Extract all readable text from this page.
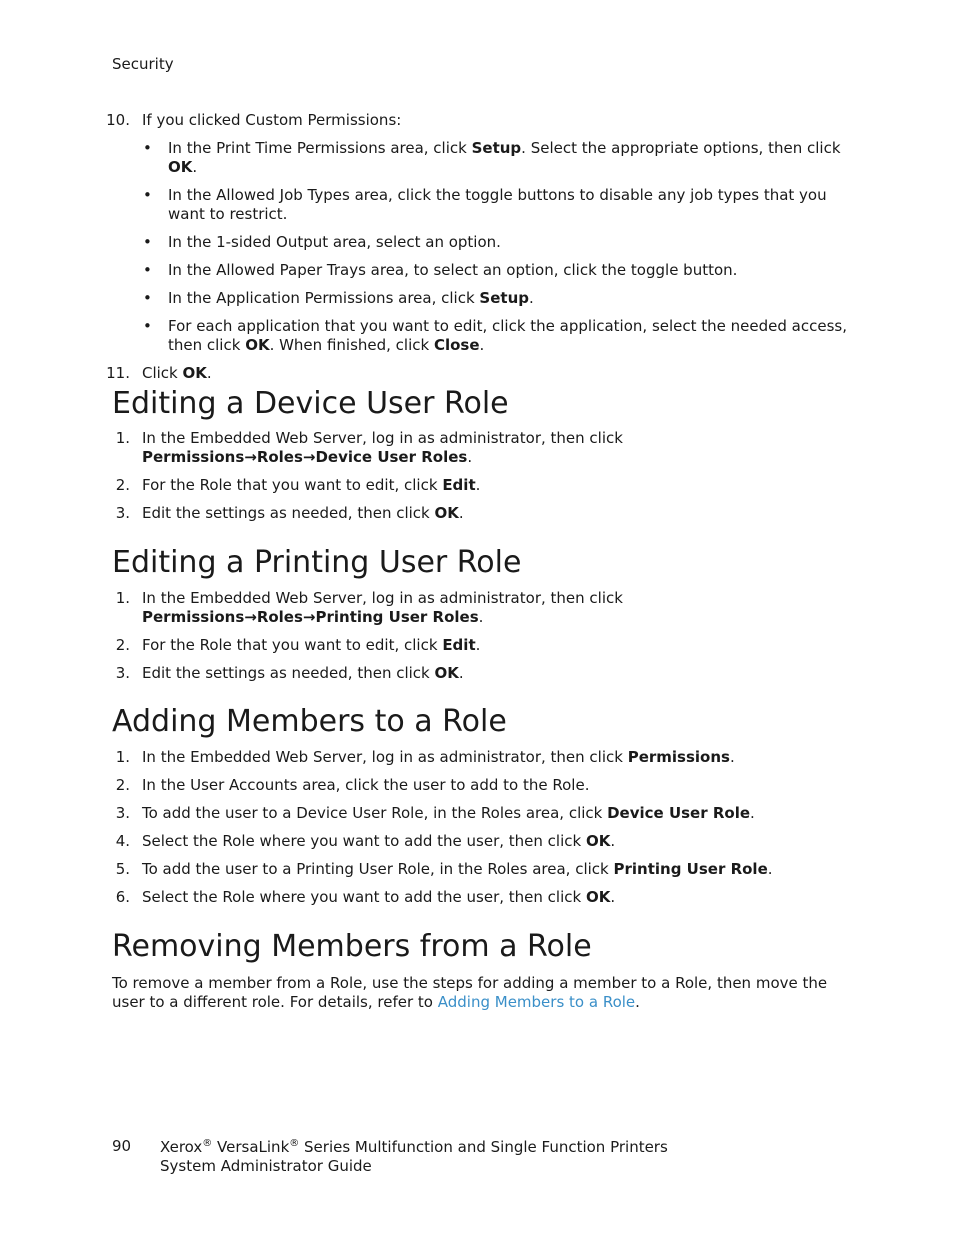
Security
10. If you clicked Custom Permissions:
• In the Print Time Permissions area, click Setup. Select the appropriate options, then click OK.
• In the Allowed Job Types area, click the toggle buttons to disable any job types that you want to restrict.
• In the 1-sided Output area, select an option.
• In the Allowed Paper Trays area, to select an option, click the toggle button.
• In the Application Permissions area, click Setup.
• For each application that you want to edit, click the application, select the needed access, then click OK. When finished, click Close.
11. Click OK.
Editing a Device User Role
1. In the Embedded Web Server, log in as administrator, then click Permissions→Roles→Device User Roles.
2. For the Role that you want to edit, click Edit.
3. Edit the settings as needed, then click OK.
Editing a Printing User Role
1. In the Embedded Web Server, log in as administrator, then click Permissions→Roles→Printing User Roles.
2. For the Role that you want to edit, click Edit.
3. Edit the settings as needed, then click OK.
Adding Members to a Role
1. In the Embedded Web Server, log in as administrator, then click Permissions.
2. In the User Accounts area, click the user to add to the Role.
3. To add the user to a Device User Role, in the Roles area, click Device User Role.
4. Select the Role where you want to add the user, then click OK.
5. To add the user to a Printing User Role, in the Roles area, click Printing User Role.
6. Select the Role where you want to add the user, then click OK.
Removing Members from a Role
To remove a member from a Role, use the steps for adding a member to a Role, then move the user to a different role. For details, refer to Adding Members to a Role.
90 Xerox® VersaLink® Series Multifunction and Single Function Printers
System Administrator Guide
